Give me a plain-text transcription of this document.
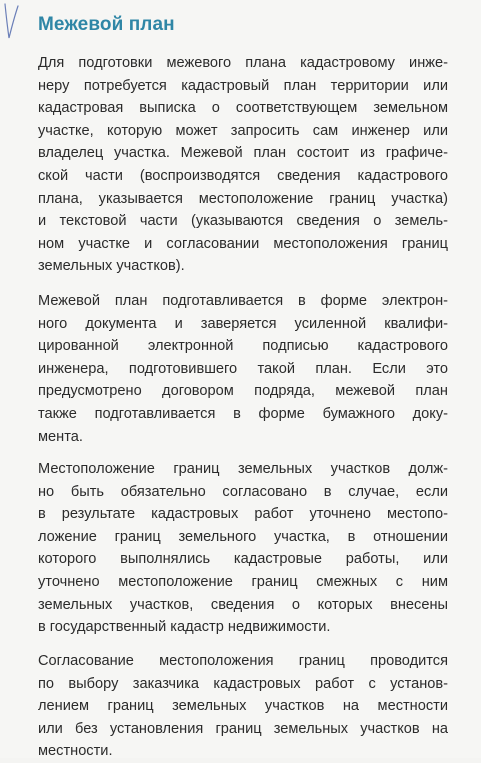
Межевой план
Для подготовки межевого плана кадастровому инже-
неру потребуется кадастровый план территории или
кадастровая выписка о соответствующем земельном
участке, которую может запросить сам инженер или
владелец участка. Межевой план состоит из графиче-
ской части (воспроизводятся сведения кадастрового
плана, указывается местоположение границ участка)
и текстовой части (указываются сведения о земель-
ном участке и согласовании местоположения границ
земельных участков).
Межевой план подготавливается в форме электрон-
ного документа и заверяется усиленной квалифи-
цированной электронной подписью кадастрового
инженера, подготовившего такой план. Если это
предусмотрено договором подряда, межевой план
также подготавливается в форме бумажного доку-
мента.
Местоположение границ земельных участков долж-
но быть обязательно согласовано в случае, если
в результате кадастровых работ уточнено местопо-
ложение границ земельного участка, в отношении
которого выполнялись кадастровые работы, или
уточнено местоположение границ смежных с ним
земельных участков, сведения о которых внесены
в государственный кадастр недвижимости.
Согласование местоположения границ проводится
по выбору заказчика кадастровых работ с установ-
лением границ земельных участков на местности
или без установления границ земельных участков на
местности.
